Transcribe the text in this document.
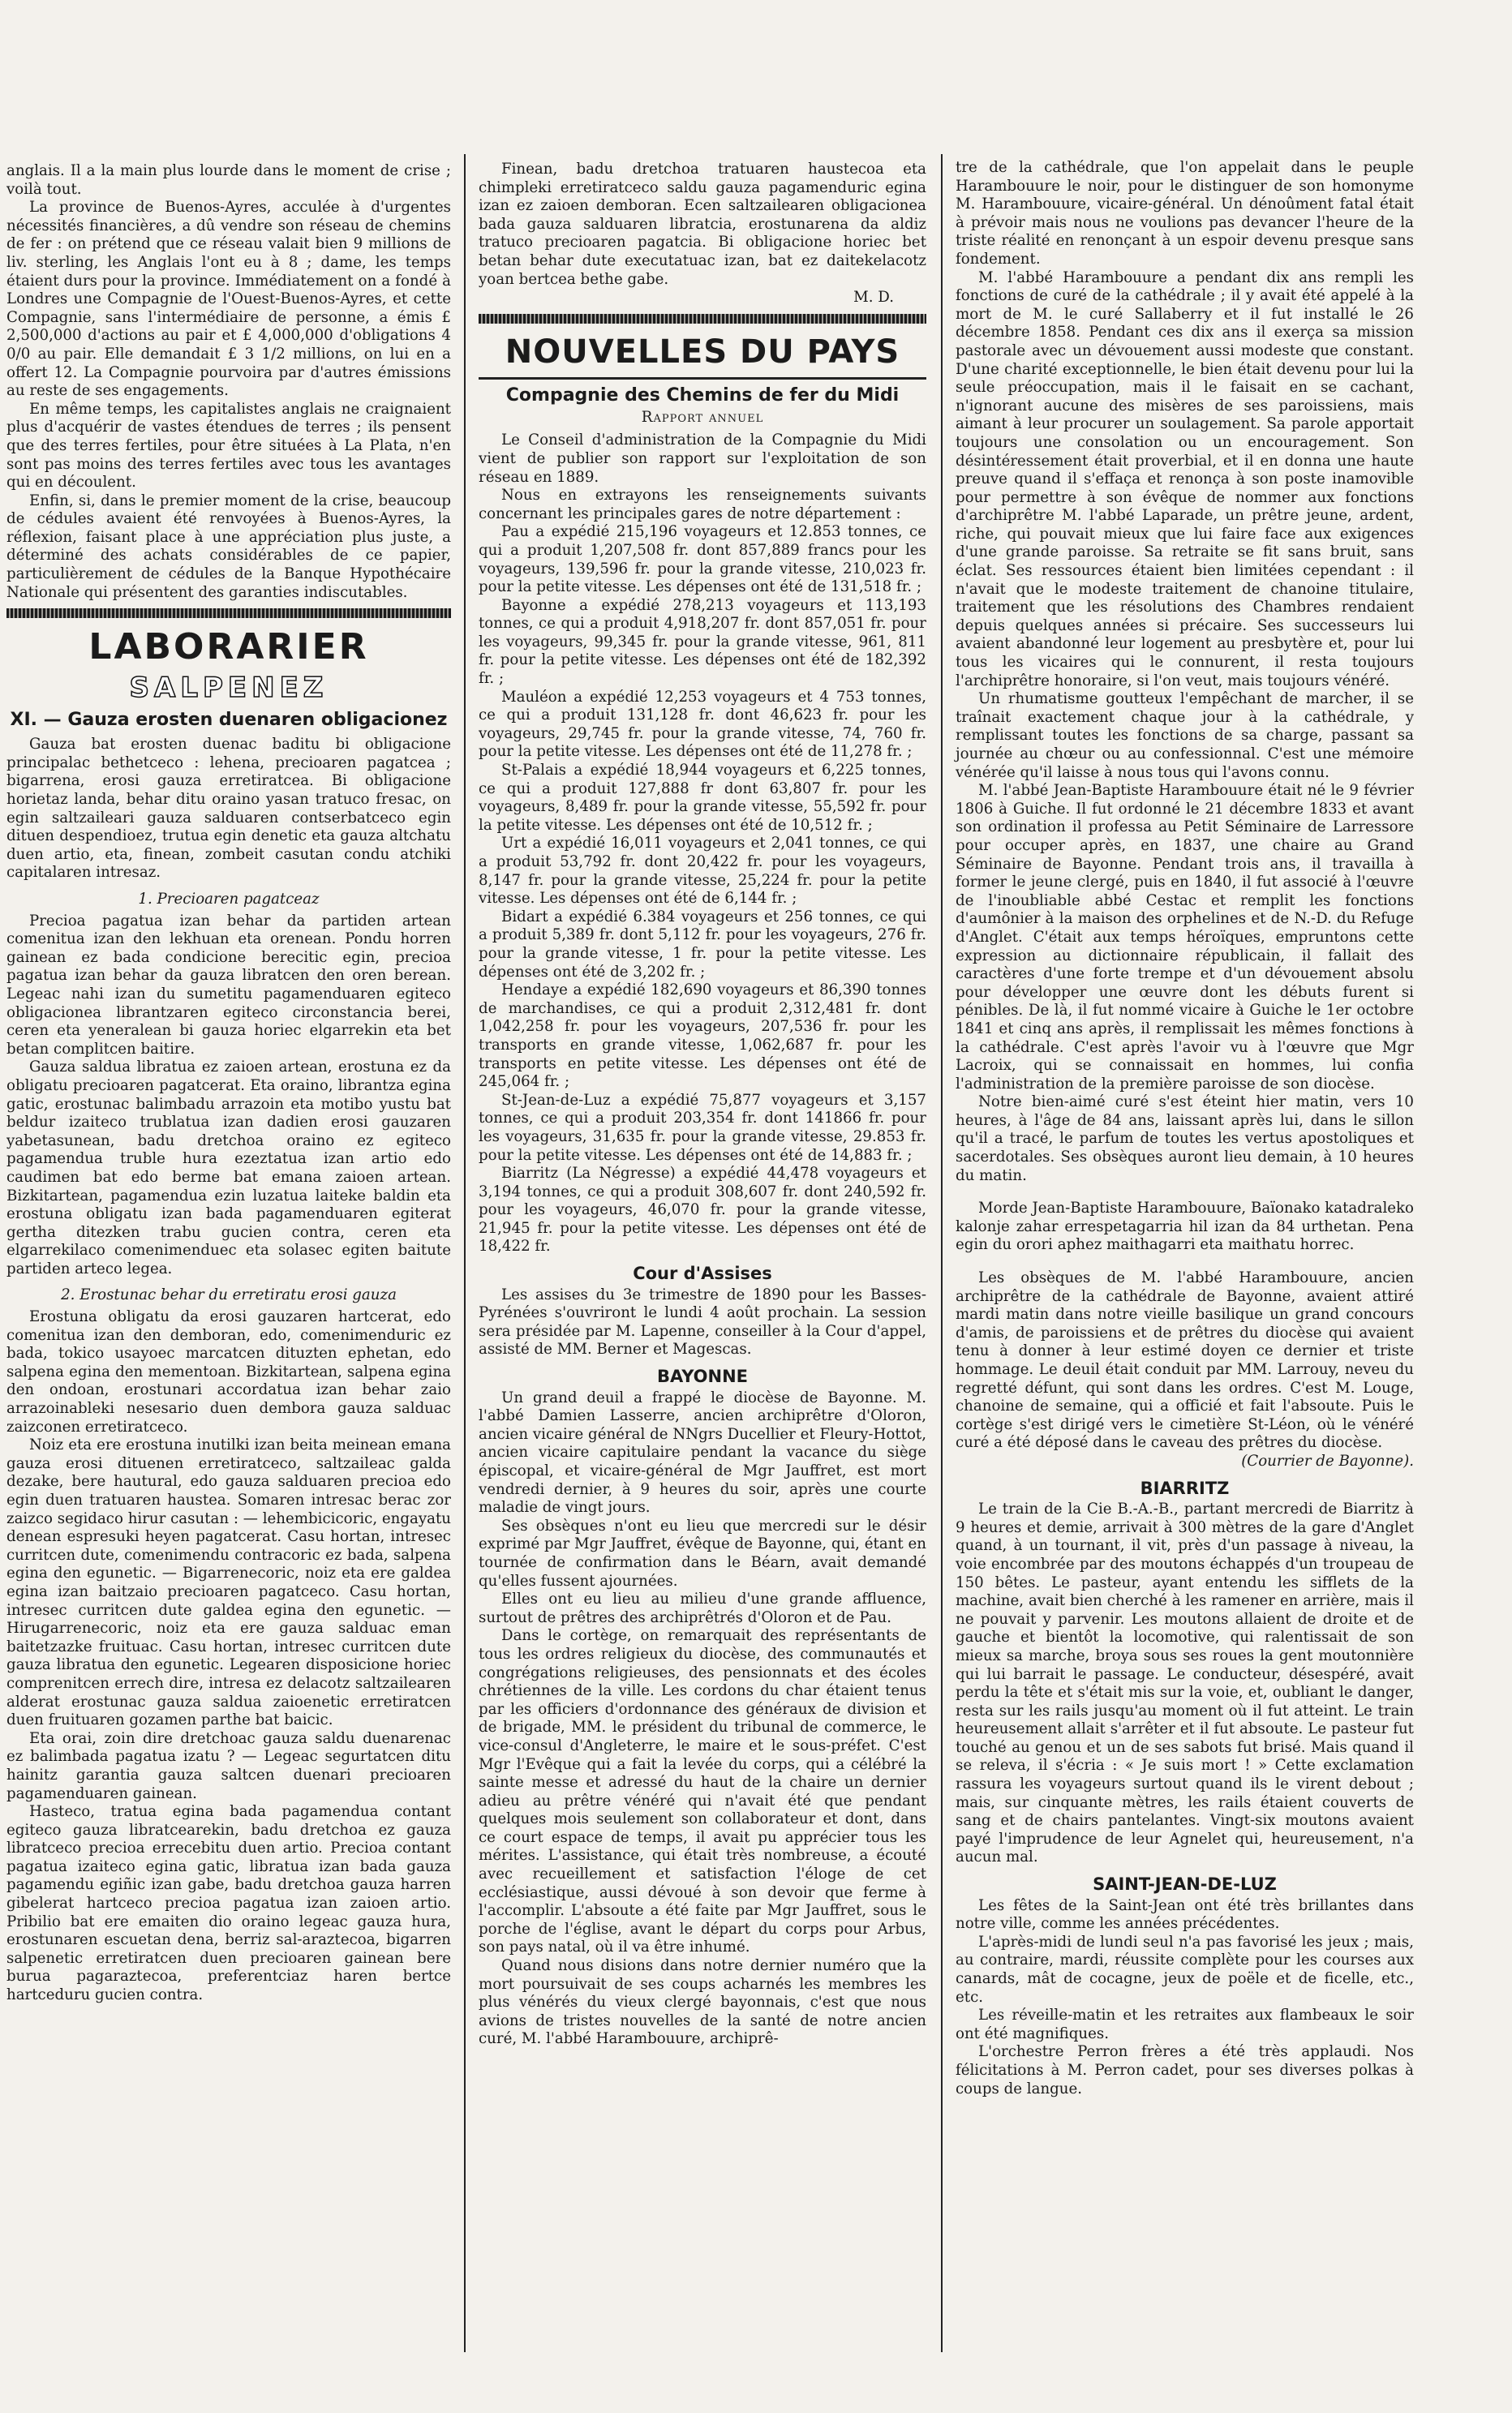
anglais. Il a la main plus lourde dans le moment de crise ; voilà tout.

La province de Buenos-Ayres, acculée à d'urgentes nécessités financières, a dû vendre son réseau de chemins de fer : on prétend que ce réseau valait bien 9 millions de liv. sterling, les Anglais l'ont eu à 8 ; dame, les temps étaient durs pour la province. Immédiatement on a fondé à Londres une Compagnie de l'Ouest-Buenos-Ayres, et cette Compagnie, sans l'intermédiaire de personne, a émis £ 2,500,000 d'actions au pair et £ 4,000,000 d'obligations 4 0/0 au pair. Elle demandait £ 3 1/2 millions, on lui en a offert 12. La Compagnie pourvoira par d'autres émissions au reste de ses engagements.

En même temps, les capitalistes anglais ne craignaient plus d'acquérir de vastes étendues de terres ; ils pensent que des terres fertiles, pour être situées à La Plata, n'en sont pas moins des terres fertiles avec tous les avantages qui en découlent.

Enfin, si, dans le premier moment de la crise, beaucoup de cédules avaient été renvoyées à Buenos-Ayres, la réflexion, faisant place à une appréciation plus juste, a déterminé des achats considérables de ce papier, particulièrement de cédules de la Banque Hypothécaire Nationale qui présentent des garanties indiscutables.

LABORARIER
SALPENEZ
XI. — Gauza erosten duenaren obligacionez

Gauza bat erosten duenac baditu bi obligacione principalac bethetceco : lehena, precioaren pagatcea ; bigarrena, erosi gauza erretiratcea. Bi obligacione horietaz landa, behar ditu oraino yasan tratuco fresac, on egin saltzaileari gauza salduaren contserbatceco egin dituen despendioez, trutua egin denetic eta gauza altchatu duen artio, eta, finean, zombeit casutan condu atchiki capitalaren intresaz.

1. Precioaren pagatceaz

Precioa pagatua izan behar da partiden artean comenitua izan den lekhuan eta orenean. Pondu horren gainean ez bada condicione berecitic egin, precioa pagatua izan behar da gauza libratcen den oren berean. Legeac nahi izan du sumetitu pagamenduaren egiteco obligacionea librantzaren egiteco circonstancia berei, ceren eta yeneralean bi gauza horiec elgarrekin eta bet betan complitcen baitire.

Gauza saldua libratua ez zaioen artean, erostuna ez da obligatu precioaren pagatcerat. Eta oraino, librantza egina gatic, erostunac balimbadu arrazoin eta motibo yustu bat beldur izaiteco trublatua izan dadien erosi gauzaren yabetasunean, badu dretchoa oraino ez egiteco pagamendua truble hura ezeztatua izan artio edo caudimen bat edo berme bat emana zaioen artean. Bizkitartean, pagamendua ezin luzatua laiteke baldin eta erostuna obligatu izan bada pagamenduaren egiterat gertha ditezken trabu gucien contra, ceren eta elgarrekilaco comenimenduec eta solasec egiten baitute partiden arteco legea.

2. Erostunac behar du erretiratu erosi gauza

Erostuna obligatu da erosi gauzaren hartcerat, edo comenitua izan den demboran, edo, comenimenduric ez bada, tokico usayoec marcatcen dituzten ephetan, edo salpena egina den mementoan. Bizkitartean, salpena egina den ondoan, erostunari accordatua izan behar zaio arrazoinableki nesesario duen dembora gauza salduac zaizconen erretiratceco.

Noiz eta ere erostuna inutilki izan beita meinean emana gauza erosi dituenen erretiratceco, saltzaileac galda dezake, bere hautural, edo gauza salduaren precioa edo egin duen tratuaren haustea. Somaren intresac berac zor zaizco segidaco hirur casutan : — lehembicicoric, engayatu denean espresuki heyen pagatcerat. Casu hortan, intresec curritcen dute, comenimendu contracoric ez bada, salpena egina den egunetic. — Bigarrenecoric, noiz eta ere galdea egina izan baitzaio precioaren pagatceco. Casu hortan, intresec curritcen dute galdea egina den egunetic. — Hirugarrenecoric, noiz eta ere gauza salduac eman baitetzazke fruituac. Casu hortan, intresec curritcen dute gauza libratua den egunetic. Legearen disposicione horiec comprenitcen errech dire, intresa ez delacotz saltzailearen alderat erostunac gauza saldua zaioenetic erretiratcen duen fruituaren gozamen parthe bat baicic.

Eta orai, zoin dire dretchoac gauza saldu duenarenac ez balimbada pagatua izatu ? — Legeac segurtatcen ditu hainitz garantia gauza saltcen duenari precioaren pagamenduaren gainean.

Hasteco, tratua egina bada pagamendua contant egiteco gauza libratcearekin, badu dretchoa ez gauza libratceco precioa errecebitu duen artio. Precioa contant pagatua izaiteco egina gatic, libratua izan bada gauza pagamendu egiñic izan gabe, badu dretchoa gauza harren gibelerat hartceco precioa pagatua izan zaioen artio. Pribilio bat ere emaiten dio oraino legeac gauza hura, erostunaren escuetan dena, berriz sal-araztecoa, bigarren salpenetic erretiratcen duen precioaren gainean bere burua pagaraztecoa, preferentciaz haren bertce hartceduru gucien contra.

Finean, badu dretchoa tratuaren haustecoa eta chimpleki erretiratceco saldu gauza pagamenduric egina izan ez zaioen demboran. Ecen saltzailearen obligacionea bada gauza salduaren libratcia, erostunarena da aldiz tratuco precioaren pagatcia. Bi obligacione horiec bet betan behar dute executatuac izan, bat ez daitekelacotz yoan bertcea bethe gabe.

M. D.

NOUVELLES DU PAYS
Compagnie des Chemins de fer du Midi

Rapport annuel

Le Conseil d'administration de la Compagnie du Midi vient de publier son rapport sur l'exploitation de son réseau en 1889.

Nous en extrayons les renseignements suivants concernant les principales gares de notre département :

Pau a expédié 215,196 voyageurs et 12.853 tonnes, ce qui a produit 1,207,508 fr. dont 857,889 francs pour les voyageurs, 139,596 fr. pour la grande vitesse, 210,023 fr. pour la petite vitesse. Les dépenses ont été de 131,518 fr. ;

Bayonne a expédié 278,213 voyageurs et 113,193 tonnes, ce qui a produit 4,918,207 fr. dont 857,051 fr. pour les voyageurs, 99,345 fr. pour la grande vitesse, 961, 811 fr. pour la petite vitesse. Les dépenses ont été de 182,392 fr. ;

Mauléon a expédié 12,253 voyageurs et 4 753 tonnes, ce qui a produit 131,128 fr. dont 46,623 fr. pour les voyageurs, 29,745 fr. pour la grande vitesse, 74, 760 fr. pour la petite vitesse. Les dépenses ont été de 11,278 fr. ;

St-Palais a expédié 18,944 voyageurs et 6,225 tonnes, ce qui a produit 127,888 fr dont 63,807 fr. pour les voyageurs, 8,489 fr. pour la grande vitesse, 55,592 fr. pour la petite vitesse. Les dépenses ont été de 10,512 fr. ;

Urt a expédié 16,011 voyageurs et 2,041 tonnes, ce qui a produit 53,792 fr. dont 20,422 fr. pour les voyageurs, 8,147 fr. pour la grande vitesse, 25,224 fr. pour la petite vitesse. Les dépenses ont été de 6,144 fr. ;

Bidart a expédié 6.384 voyageurs et 256 tonnes, ce qui a produit 5,389 fr. dont 5,112 fr. pour les voyageurs, 276 fr. pour la grande vitesse, 1 fr. pour la petite vitesse. Les dépenses ont été de 3,202 fr. ;

Hendaye a expédié 182,690 voyageurs et 86,390 tonnes de marchandises, ce qui a produit 2,312,481 fr. dont 1,042,258 fr. pour les voyageurs, 207,536 fr. pour les transports en grande vitesse, 1,062,687 fr. pour les transports en petite vitesse. Les dépenses ont été de 245,064 fr. ;

St-Jean-de-Luz a expédié 75,877 voyageurs et 3,157 tonnes, ce qui a produit 203,354 fr. dont 141866 fr. pour les voyageurs, 31,635 fr. pour la grande vitesse, 29.853 fr. pour la petite vitesse. Les dépenses ont été de 14,883 fr. ;

Biarritz (La Négresse) a expédié 44,478 voyageurs et 3,194 tonnes, ce qui a produit 308,607 fr. dont 240,592 fr. pour les voyageurs, 46,070 fr. pour la grande vitesse, 21,945 fr. pour la petite vitesse. Les dépenses ont été de 18,422 fr.

Cour d'Assises

Les assises du 3e trimestre de 1890 pour les Basses-Pyrénées s'ouvriront le lundi 4 août prochain. La session sera présidée par M. Lapenne, conseiller à la Cour d'appel, assisté de MM. Berner et Magescas.

BAYONNE

Un grand deuil a frappé le diocèse de Bayonne. M. l'abbé Damien Lasserre, ancien archiprêtre d'Oloron, ancien vicaire général de NNgrs Ducellier et Fleury-Hottot, ancien vicaire capitulaire pendant la vacance du siège épiscopal, et vicaire-général de Mgr Jauffret, est mort vendredi dernier, à 9 heures du soir, après une courte maladie de vingt jours.

Ses obsèques n'ont eu lieu que mercredi sur le désir exprimé par Mgr Jauffret, évêque de Bayonne, qui, étant en tournée de confirmation dans le Béarn, avait demandé qu'elles fussent ajournées.

Elles ont eu lieu au milieu d'une grande affluence, surtout de prêtres des archiprêtrés d'Oloron et de Pau.

Dans le cortège, on remarquait des représentants de tous les ordres religieux du diocèse, des communautés et congrégations religieuses, des pensionnats et des écoles chrétiennes de la ville. Les cordons du char étaient tenus par les officiers d'ordonnance des généraux de division et de brigade, MM. le président du tribunal de commerce, le vice-consul d'Angleterre, le maire et le sous-préfet. C'est Mgr l'Evêque qui a fait la levée du corps, qui a célébré la sainte messe et adressé du haut de la chaire un dernier adieu au prêtre vénéré qui n'avait été que pendant quelques mois seulement son collaborateur et dont, dans ce court espace de temps, il avait pu apprécier tous les mérites. L'assistance, qui était très nombreuse, a écouté avec recueillement et satisfaction l'éloge de cet ecclésiastique, aussi dévoué à son devoir que ferme à l'accomplir. L'absoute a été faite par Mgr Jauffret, sous le porche de l'église, avant le départ du corps pour Arbus, son pays natal, où il va être inhumé.

Quand nous disions dans notre dernier numéro que la mort poursuivait de ses coups acharnés les membres les plus vénérés du vieux clergé bayonnais, c'est que nous avions de tristes nouvelles de la santé de notre ancien curé, M. l'abbé Harambouure, archiprê-

tre de la cathédrale, que l'on appelait dans le peuple Harambouure le noir, pour le distinguer de son homonyme M. Harambouure, vicaire-général. Un dénoûment fatal était à prévoir mais nous ne voulions pas devancer l'heure de la triste réalité en renonçant à un espoir devenu presque sans fondement.

M. l'abbé Harambouure a pendant dix ans rempli les fonctions de curé de la cathédrale ; il y avait été appelé à la mort de M. le curé Sallaberry et il fut installé le 26 décembre 1858. Pendant ces dix ans il exerça sa mission pastorale avec un dévouement aussi modeste que constant. D'une charité exceptionnelle, le bien était devenu pour lui la seule préoccupation, mais il le faisait en se cachant, n'ignorant aucune des misères de ses paroissiens, mais aimant à leur procurer un soulagement. Sa parole apportait toujours une consolation ou un encouragement. Son désintéressement était proverbial, et il en donna une haute preuve quand il s'effaça et renonça à son poste inamovible pour permettre à son évêque de nommer aux fonctions d'archiprêtre M. l'abbé Laparade, un prêtre jeune, ardent, riche, qui pouvait mieux que lui faire face aux exigences d'une grande paroisse. Sa retraite se fit sans bruit, sans éclat. Ses ressources étaient bien limitées cependant : il n'avait que le modeste traitement de chanoine titulaire, traitement que les résolutions des Chambres rendaient depuis quelques années si précaire. Ses successeurs lui avaient abandonné leur logement au presbytère et, pour lui tous les vicaires qui le connurent, il resta toujours l'archiprêtre honoraire, si l'on veut, mais toujours vénéré.

Un rhumatisme goutteux l'empêchant de marcher, il se traînait exactement chaque jour à la cathédrale, y remplissant toutes les fonctions de sa charge, passant sa journée au chœur ou au confessionnal. C'est une mémoire vénérée qu'il laisse à nous tous qui l'avons connu.

M. l'abbé Jean-Baptiste Harambouure était né le 9 février 1806 à Guiche. Il fut ordonné le 21 décembre 1833 et avant son ordination il professa au Petit Séminaire de Larressore pour occuper après, en 1837, une chaire au Grand Séminaire de Bayonne. Pendant trois ans, il travailla à former le jeune clergé, puis en 1840, il fut associé à l'œuvre de l'inoubliable abbé Cestac et remplit les fonctions d'aumônier à la maison des orphelines et de N.-D. du Refuge d'Anglet. C'était aux temps héroïques, empruntons cette expression au dictionnaire républicain, il fallait des caractères d'une forte trempe et d'un dévouement absolu pour développer une œuvre dont les débuts furent si pénibles. De là, il fut nommé vicaire à Guiche le 1er octobre 1841 et cinq ans après, il remplissait les mêmes fonctions à la cathédrale. C'est après l'avoir vu à l'œuvre que Mgr Lacroix, qui se connaissait en hommes, lui confia l'administration de la première paroisse de son diocèse.

Notre bien-aimé curé s'est éteint hier matin, vers 10 heures, à l'âge de 84 ans, laissant après lui, dans le sillon qu'il a tracé, le parfum de toutes les vertus apostoliques et sacerdotales. Ses obsèques auront lieu demain, à 10 heures du matin.

Morde Jean-Baptiste Harambouure, Baïonako katadraleko kalonje zahar errespetagarria hil izan da 84 urthetan. Pena egin du orori aphez maithagarri eta maithatu horrec.

Les obsèques de M. l'abbé Harambouure, ancien archiprêtre de la cathédrale de Bayonne, avaient attiré mardi matin dans notre vieille basilique un grand concours d'amis, de paroissiens et de prêtres du diocèse qui avaient tenu à donner à leur estimé doyen ce dernier et triste hommage. Le deuil était conduit par MM. Larrouy, neveu du regretté défunt, qui sont dans les ordres. C'est M. Louge, chanoine de semaine, qui a officié et fait l'absoute. Puis le cortège s'est dirigé vers le cimetière St-Léon, où le vénéré curé a été déposé dans le caveau des prêtres du diocèse.

(Courrier de Bayonne).

BIARRITZ

Le train de la Cie B.-A.-B., partant mercredi de Biarritz à 9 heures et demie, arrivait à 300 mètres de la gare d'Anglet quand, à un tournant, il vit, près d'un passage à niveau, la voie encombrée par des moutons échappés d'un troupeau de 150 bêtes. Le pasteur, ayant entendu les sifflets de la machine, avait bien cherché à les ramener en arrière, mais il ne pouvait y parvenir. Les moutons allaient de droite et de gauche et bientôt la locomotive, qui ralentissait de son mieux sa marche, broya sous ses roues la gent moutonnière qui lui barrait le passage. Le conducteur, désespéré, avait perdu la tête et s'était mis sur la voie, et, oubliant le danger, resta sur les rails jusqu'au moment où il fut atteint. Le train heureusement allait s'arrêter et il fut absoute. Le pasteur fut touché au genou et un de ses sabots fut brisé. Mais quand il se releva, il s'écria : « Je suis mort ! » Cette exclamation rassura les voyageurs surtout quand ils le virent debout ; mais, sur cinquante mètres, les rails étaient couverts de sang et de chairs pantelantes. Vingt-six moutons avaient payé l'imprudence de leur Agnelet qui, heureusement, n'a aucun mal.

SAINT-JEAN-DE-LUZ

Les fêtes de la Saint-Jean ont été très brillantes dans notre ville, comme les années précédentes.

L'après-midi de lundi seul n'a pas favorisé les jeux ; mais, au contraire, mardi, réussite complète pour les courses aux canards, mât de cocagne, jeux de poële et de ficelle, etc., etc.

Les réveille-matin et les retraites aux flambeaux le soir ont été magnifiques.

L'orchestre Perron frères a été très applaudi. Nos félicitations à M. Perron cadet, pour ses diverses polkas à coups de langue.
